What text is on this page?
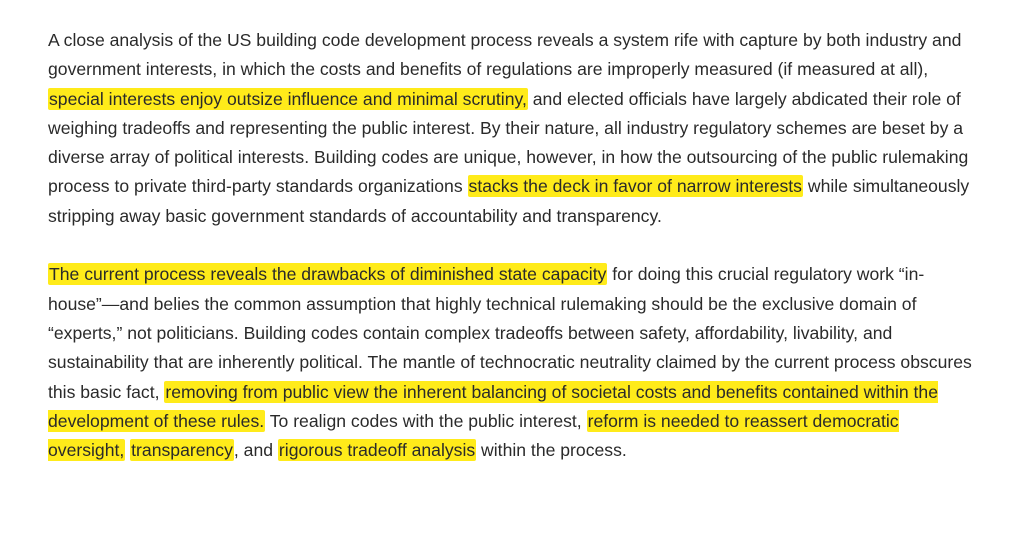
A close analysis of the US building code development process reveals a system rife with capture by both industry and government interests, in which the costs and benefits of regulations are improperly measured (if measured at all), special interests enjoy outsize influence and minimal scrutiny, and elected officials have largely abdicated their role of weighing tradeoffs and representing the public interest. By their nature, all industry regulatory schemes are beset by a diverse array of political interests. Building codes are unique, however, in how the outsourcing of the public rulemaking process to private third-party standards organizations stacks the deck in favor of narrow interests while simultaneously stripping away basic government standards of accountability and transparency.

The current process reveals the drawbacks of diminished state capacity for doing this crucial regulatory work “in-house”—and belies the common assumption that highly technical rulemaking should be the exclusive domain of “experts,” not politicians. Building codes contain complex tradeoffs between safety, affordability, livability, and sustainability that are inherently political. The mantle of technocratic neutrality claimed by the current process obscures this basic fact, removing from public view the inherent balancing of societal costs and benefits contained within the development of these rules. To realign codes with the public interest, reform is needed to reassert democratic oversight, transparency, and rigorous tradeoff analysis within the process.
